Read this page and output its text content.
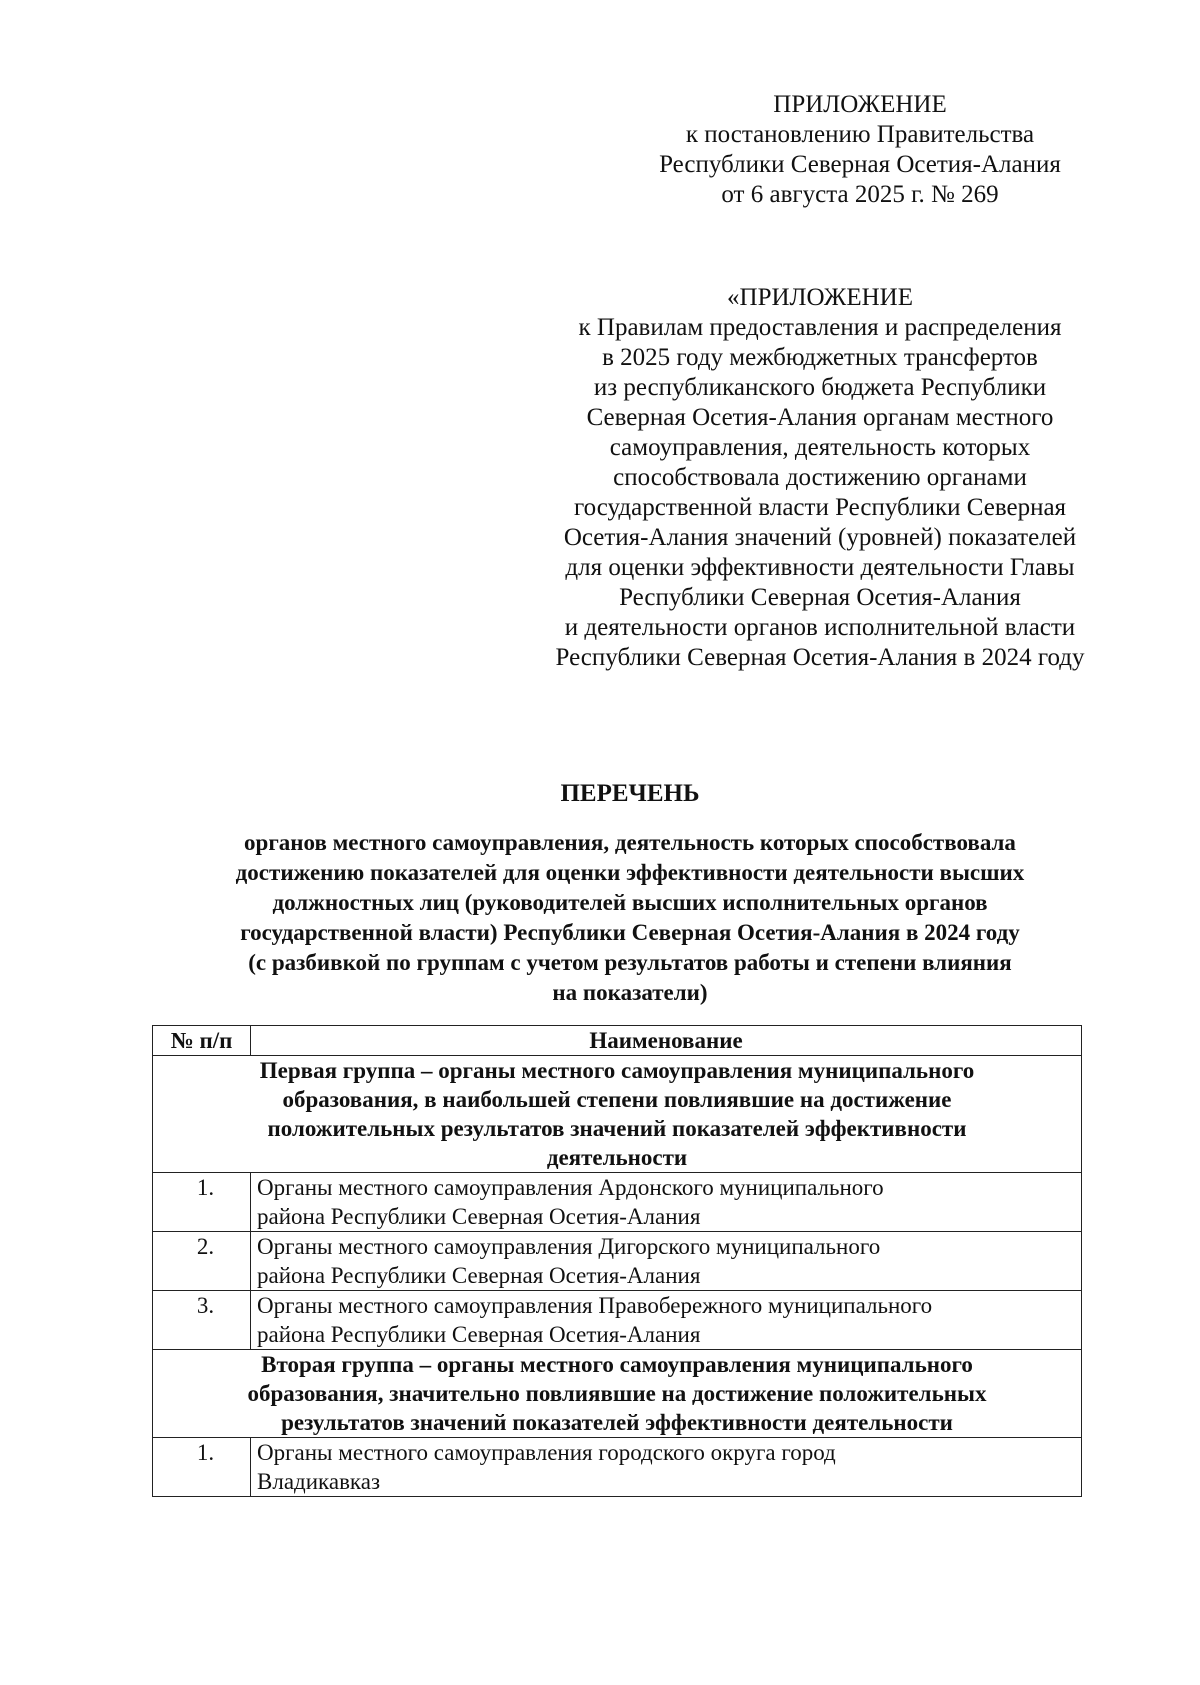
ПРИЛОЖЕНИЕ
к постановлению Правительства
Республики Северная Осетия-Алания
от 6 августа 2025 г. № 269
«ПРИЛОЖЕНИЕ
к Правилам предоставления и распределения
в 2025 году межбюджетных трансфертов
из республиканского бюджета Республики
Северная Осетия-Алания органам местного
самоуправления, деятельность которых
способствовала достижению органами
государственной власти Республики Северная
Осетия-Алания значений (уровней) показателей
для оценки эффективности деятельности Главы
Республики Северная Осетия-Алания
и деятельности органов исполнительной власти
Республики Северная Осетия-Алания в 2024 году
ПЕРЕЧЕНЬ
органов местного самоуправления, деятельность которых способствовала
достижению показателей для оценки эффективности деятельности высших
должностных лиц (руководителей высших исполнительных органов
государственной власти) Республики Северная Осетия-Алания в 2024 году
(с разбивкой по группам с учетом результатов работы и степени влияния
на показатели)
№ п/п	Наименование

Первая группа – органы местного самоуправления муниципального
образования, в наибольшей степени повлиявшие на достижение
положительных результатов значений показателей эффективности
деятельности	

1.	Органы местного самоуправления Ардонского муниципального
района Республики Северная Осетия-Алания

2.	Органы местного самоуправления Дигорского муниципального
района Республики Северная Осетия-Алания

3.	Органы местного самоуправления Правобережного муниципального
района Республики Северная Осетия-Алания

Вторая группа – органы местного самоуправления муниципального
образования, значительно повлиявшие на достижение положительных
результатов значений показателей эффективности деятельности	

1.	Органы местного самоуправления городского округа город
Владикавказ
